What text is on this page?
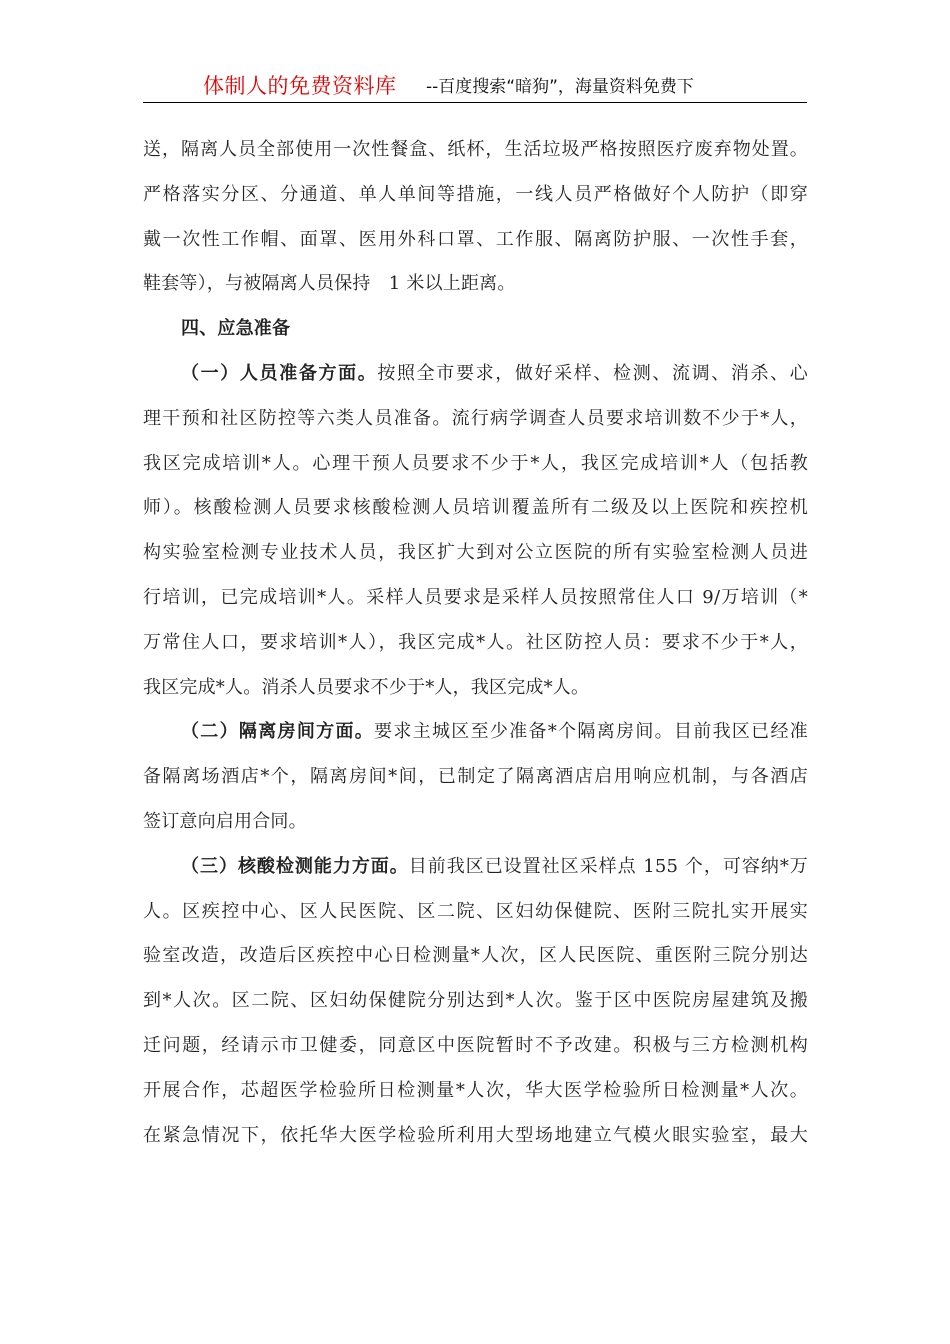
体制人的免费资料库 --百度搜索“暗狗”，海量资料免费下
送，隔离人员全部使用一次性餐盒、纸杯，生活垃圾严格按照医疗废弃物处置。
严格落实分区、分通道、单人单间等措施，一线人员严格做好个人防护（即穿
戴一次性工作帽、面罩、医用外科口罩、工作服、隔离防护服、一次性手套，
鞋套等），与被隔离人员保持　1 米以上距离。
四、应急准备
（一）人员准备方面。按照全市要求，做好采样、检测、流调、消杀、心
理干预和社区防控等六类人员准备。流行病学调查人员要求培训数不少于*人，
我区完成培训*人。心理干预人员要求不少于*人，我区完成培训*人（包括教
师）。核酸检测人员要求核酸检测人员培训覆盖所有二级及以上医院和疾控机
构实验室检测专业技术人员，我区扩大到对公立医院的所有实验室检测人员进
行培训，已完成培训*人。采样人员要求是采样人员按照常住人口 9/万培训（*
万常住人口，要求培训*人），我区完成*人。社区防控人员：要求不少于*人，
我区完成*人。消杀人员要求不少于*人，我区完成*人。
（二）隔离房间方面。要求主城区至少准备*个隔离房间。目前我区已经准
备隔离场酒店*个，隔离房间*间，已制定了隔离酒店启用响应机制，与各酒店
签订意向启用合同。
（三）核酸检测能力方面。目前我区已设置社区采样点 155 个，可容纳*万
人。区疾控中心、区人民医院、区二院、区妇幼保健院、医附三院扎实开展实
验室改造，改造后区疾控中心日检测量*人次，区人民医院、重医附三院分别达
到*人次。区二院、区妇幼保健院分别达到*人次。鉴于区中医院房屋建筑及搬
迁问题，经请示市卫健委，同意区中医院暂时不予改建。积极与三方检测机构
开展合作，芯超医学检验所日检测量*人次，华大医学检验所日检测量*人次。
在紧急情况下，依托华大医学检验所利用大型场地建立气模火眼实验室，最大
